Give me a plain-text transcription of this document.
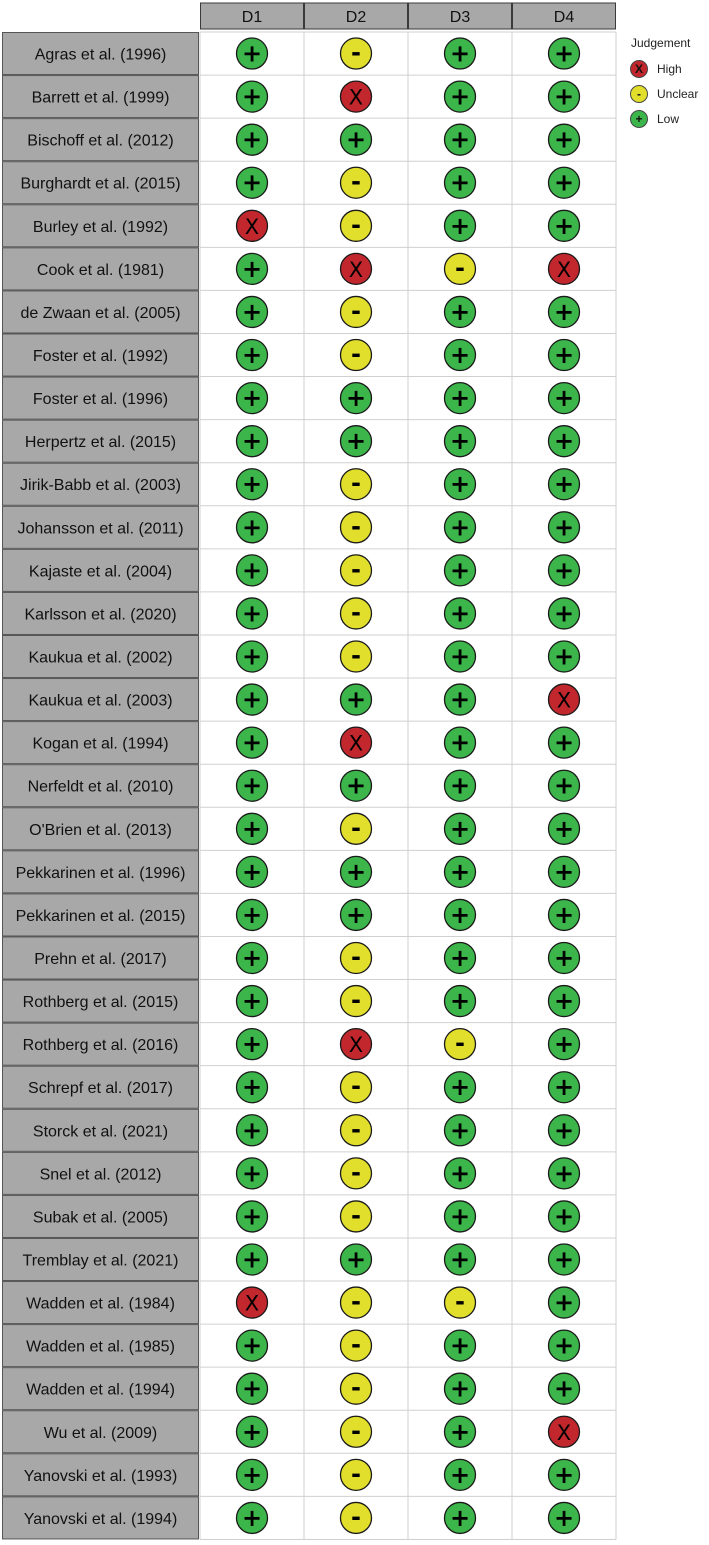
D1	D2	D3	D4
Agras et al. (1996)	+	-	+	+
Barrett et al. (1999)	+	X	+	+
Bischoff et al. (2012)	+	+	+	+
Burghardt et al. (2015)	+	-	+	+
Burley et al. (1992)	X	-	+	+
Cook et al. (1981)	+	X	-	X
de Zwaan et al. (2005)	+	-	+	+
Foster et al. (1992)	+	-	+	+
Foster et al. (1996)	+	+	+	+
Herpertz et al. (2015)	+	+	+	+
Jirik-Babb et al. (2003)	+	-	+	+
Johansson et al. (2011) +	-	+	+
Kajaste et al. (2004)	+	-	+	+
Karlsson et al. (2020)	+	-	+	+
Kaukua et al. (2002)	+	-	+	+
Kaukua et al. (2003)	+	+	+	X
Kogan et al. (1994)	+	X	+	+
Nerfeldt et al. (2010)	+	+	+	+
O'Brien et al. (2013)	+	-	+	+
Pekkarinen et al. (1996) +	+	+	+
Pekkarinen et al. (2015) +	+	+	+
Prehn et al. (2017)	+	-	+	+
Rothberg et al. (2015)	+	-	+	+
Rothberg et al. (2016)	+	X	-	+
Schrepf et al. (2017)	+	-	+	+
Storck et al. (2021)	+	-	+	+
Snel et al. (2012)	+	-	+	+
Subak et al. (2005)	+	-	+	+
Tremblay et al. (2021)	+	+	+	+
Wadden et al. (1984)	X	-	-	+
Wadden et al. (1985)	+	-	+	+
Wadden et al. (1994)	+	-	+	+
Wu et al. (2009)	+	-	+	X
Yanovski et al. (1993)	+	-	+	+
Yanovski et al. (1994)	+	-	+	+
Judgement
X	High
-	Unclear
+	Low
